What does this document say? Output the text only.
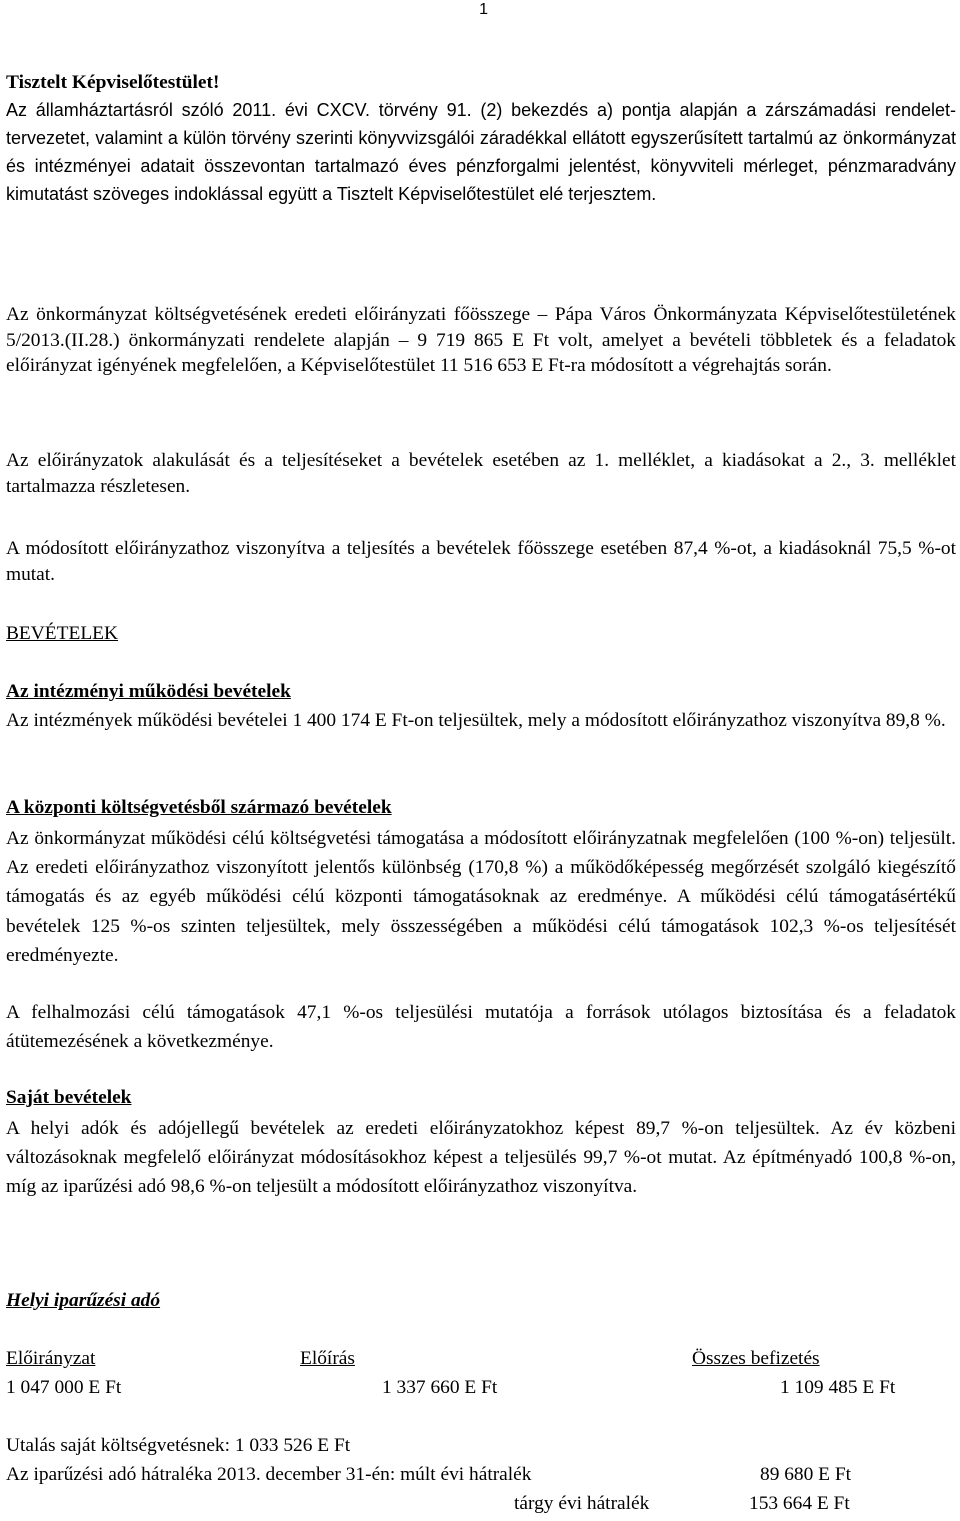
1
Tisztelt Képviselőtestület!
Az államháztartásról szóló 2011. évi CXCV. törvény 91. (2) bekezdés a) pontja alapján a zárszámadási rendelet-tervezetet, valamint a külön törvény szerinti könyvvizsgálói záradékkal ellátott egyszerűsített tartalmú az önkormányzat és intézményei adatait összevontan tartalmazó éves pénzforgalmi jelentést, könyvviteli mérleget, pénzmaradvány kimutatást szöveges indoklással együtt a Tisztelt Képviselőtestület elé terjesztem.
Az önkormányzat költségvetésének eredeti előirányzati főösszege – Pápa Város Önkormányzata Képviselőtestületének 5/2013.(II.28.) önkormányzati rendelete alapján – 9 719 865 E Ft volt, amelyet a bevételi többletek és a feladatok előirányzat igényének megfelelően, a Képviselőtestület 11 516 653 E Ft-ra módosított a végrehajtás során.
Az előirányzatok alakulását és a teljesítéseket a bevételek esetében az 1. melléklet, a kiadásokat a 2., 3. melléklet tartalmazza részletesen.
A módosított előirányzathoz viszonyítva a teljesítés a bevételek főösszege esetében 87,4 %-ot, a kiadásoknál 75,5 %-ot mutat.
BEVÉTELEK
Az intézményi működési bevételek
Az intézmények működési bevételei 1 400 174 E Ft-on teljesültek, mely a módosított előirányzathoz viszonyítva 89,8 %.
A központi költségvetésből származó bevételek
Az önkormányzat működési célú költségvetési támogatása a módosított előirányzatnak megfelelően (100 %-on) teljesült. Az eredeti előirányzathoz viszonyított jelentős különbség (170,8 %) a működőképesség megőrzését szolgáló kiegészítő támogatás és az egyéb működési célú központi támogatásoknak az eredménye. A működési célú támogatásértékű bevételek 125 %-os szinten teljesültek, mely összességében a működési célú támogatások 102,3 %-os teljesítését eredményezte.
A felhalmozási célú támogatások 47,1 %-os teljesülési mutatója a források utólagos biztosítása és a feladatok átütemezésének a következménye.
Saját bevételek
A helyi adók és adójellegű bevételek az eredeti előirányzatokhoz képest 89,7 %-on teljesültek. Az év közbeni változásoknak megfelelő előirányzat módosításokhoz képest a teljesülés 99,7 %-ot mutat. Az építményadó 100,8 %-on, míg az iparűzési adó 98,6 %-on teljesült a módosított előirányzathoz viszonyítva.
Helyi iparűzési adó
Előirányzat	Előírás	Összes befizetés
1 047 000 E Ft	1 337 660 E Ft	1 109 485 E Ft
Utalás saját költségvetésnek: 1 033 526 E Ft
Az iparűzési adó hátraléka 2013. december 31-én: múlt évi hátralék	89 680 E Ft
tárgy évi hátralék	153 664 E Ft
